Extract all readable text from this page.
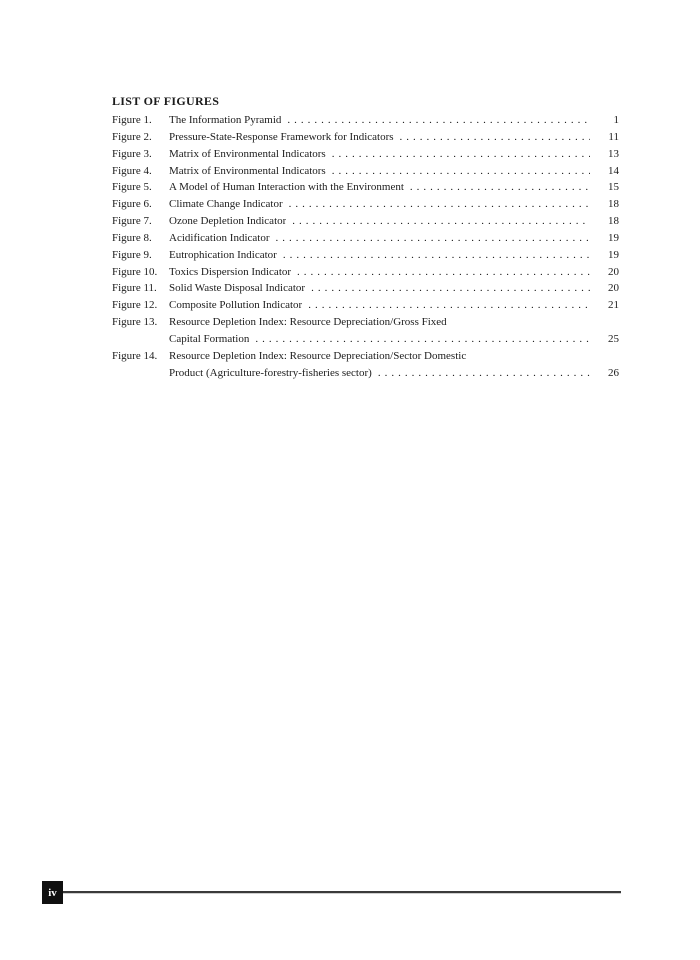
LIST OF FIGURES
Figure 1.	The Information Pyramid .....	1
Figure 2.	Pressure-State-Response Framework for Indicators .....	11
Figure 3.	Matrix of Environmental Indicators .....	13
Figure 4.	Matrix of Environmental Indicators .....	14
Figure 5.	A Model of Human Interaction with the Environment .....	15
Figure 6.	Climate Change Indicator .....	18
Figure 7.	Ozone Depletion Indicator .....	18
Figure 8.	Acidification Indicator .....	19
Figure 9.	Eutrophication Indicator .....	19
Figure 10.	Toxics Dispersion Indicator .....	20
Figure 11.	Solid Waste Disposal Indicator .....	20
Figure 12.	Composite Pollution Indicator .....	21
Figure 13.	Resource Depletion Index: Resource Depreciation/Gross Fixed
Capital Formation .....	25
Figure 14.	Resource Depletion Index: Resource Depreciation/Sector Domestic
Product (Agriculture-forestry-fisheries sector) .....	26
iv
